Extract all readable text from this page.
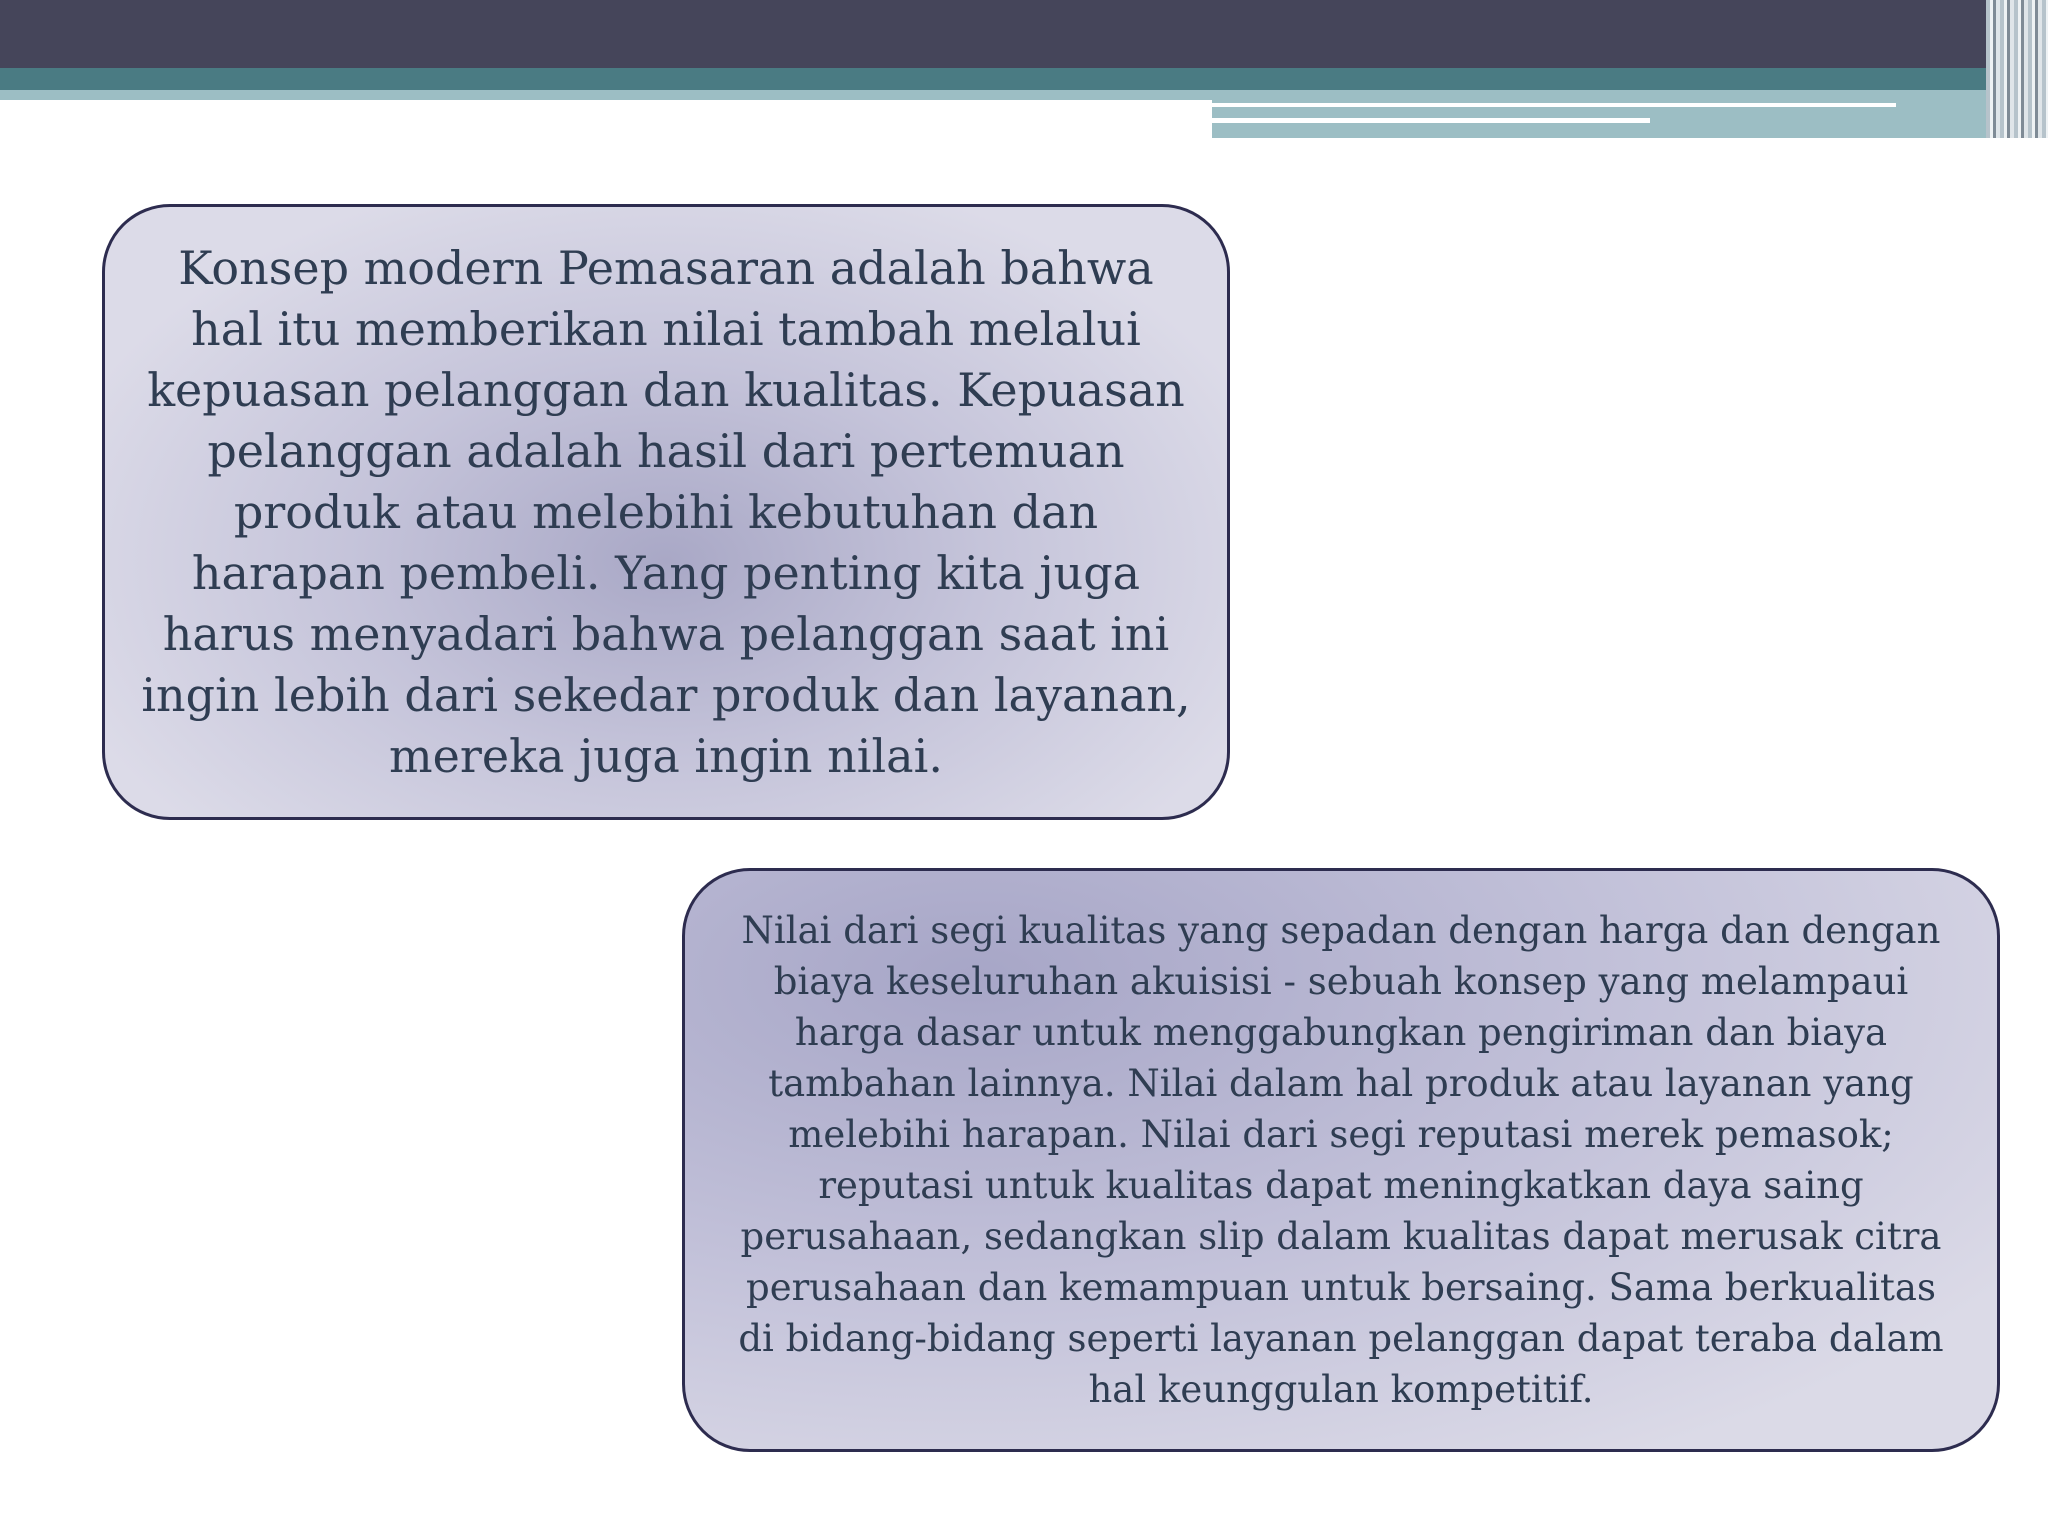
Konsep modern Pemasaran adalah bahwa
hal itu memberikan nilai tambah melalui
kepuasan pelanggan dan kualitas. Kepuasan
pelanggan adalah hasil dari pertemuan
produk atau melebihi kebutuhan dan
harapan pembeli. Yang penting kita juga
harus menyadari bahwa pelanggan saat ini
ingin lebih dari sekedar produk dan layanan,
mereka juga ingin nilai.

Nilai dari segi kualitas yang sepadan dengan harga dan dengan
biaya keseluruhan akuisisi - sebuah konsep yang melampaui
harga dasar untuk menggabungkan pengiriman dan biaya
tambahan lainnya. Nilai dalam hal produk atau layanan yang
melebihi harapan. Nilai dari segi reputasi merek pemasok;
reputasi untuk kualitas dapat meningkatkan daya saing
perusahaan, sedangkan slip dalam kualitas dapat merusak citra
perusahaan dan kemampuan untuk bersaing. Sama berkualitas
di bidang-bidang seperti layanan pelanggan dapat teraba dalam
hal keunggulan kompetitif.
